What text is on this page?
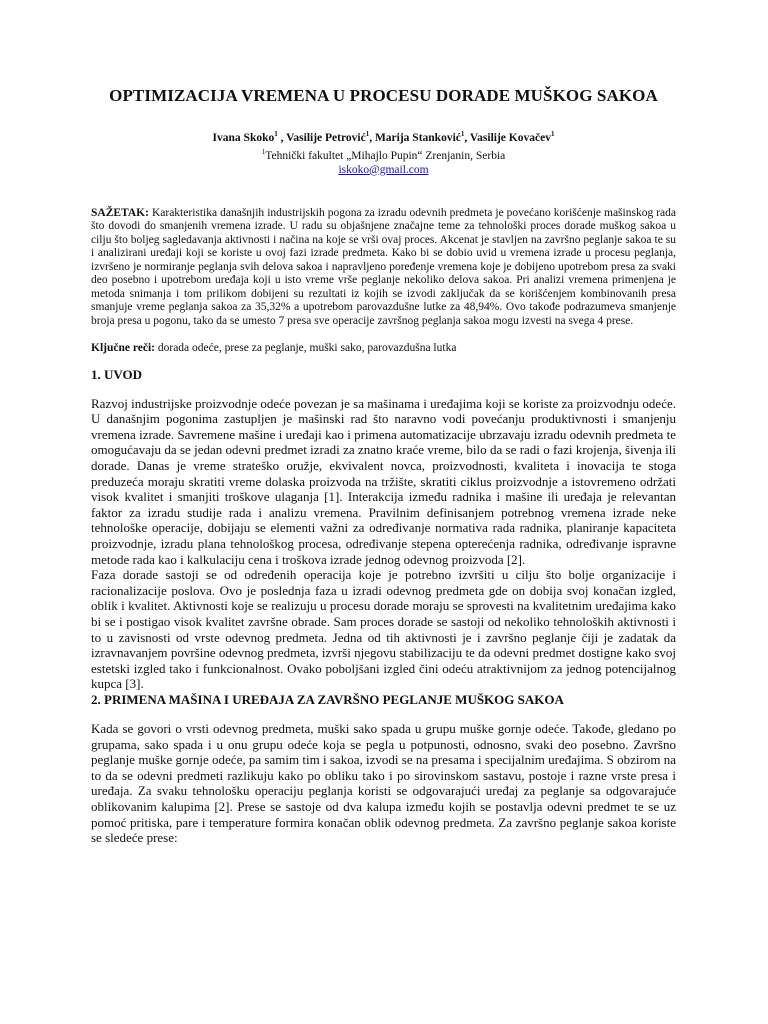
OPTIMIZACIJA VREMENA U PROCESU DORADE MUŠKOG SAKOA
Ivana Skoko$^1$ , Vasilije Petrović$^1$, Marija Stanković$^1$, Vasilije Kovačev$^1$
$^1$Tehnički fakultet „Mihajlo Pupin“ Zrenjanin, Serbia
iskoko@gmail.com

SAŽETAK: Karakteristika današnjih industrijskih pogona za izradu odevnih predmeta je povećano korišćenje mašinskog rada što dovodi do smanjenih vremena izrade. U radu su objašnjene značajne teme za tehnološki proces dorade muškog sakoa u cilju što boljeg sagledavanja aktivnosti i načina na koje se vrši ovaj proces. Akcenat je stavljen na završno peglanje sakoa te su i analizirani uređaji koji se koriste u ovoj fazi izrade predmeta. Kako bi se dobio uvid u vremena izrade u procesu peglanja, izvršeno je normiranje peglanja svih delova sakoa i napravljeno poređenje vremena koje je dobijeno upotrebom presa za svaki deo posebno i upotrebom uređaja koji u isto vreme vrše peglanje nekoliko delova sakoa. Pri analizi vremena primenjena je metoda snimanja i tom prilikom dobijeni su rezultati iz kojih se izvodi zaključak da se korišćenjem kombinovanih presa smanjuje vreme peglanja sakoa za 35,32% a upotrebom parovazdušne lutke za 48,94%. Ovo takođe podrazumeva smanjenje broja presa u pogonu, tako da se umesto 7 presa sve operacije završnog peglanja sakoa mogu izvesti na svega 4 prese.

Ključne reči: dorada odeće, prese za peglanje, muški sako, parovazdušna lutka

1. UVOD

Razvoj industrijske proizvodnje odeće povezan je sa mašinama i uređajima koji se koriste za proizvodnju odeće. U današnjim pogonima zastupljen je mašinski rad što naravno vodi povećanju produktivnosti i smanjenju vremena izrade. Savremene mašine i uređaji kao i primena automatizacije ubrzavaju izradu odevnih predmeta te omogućavaju da se jedan odevni predmet izradi za znatno kraće vreme, bilo da se radi o fazi krojenja, šivenja ili dorade. Danas je vreme strateško oružje, ekvivalent novca, proizvodnosti, kvaliteta i inovacija te stoga preduzeća moraju skratiti vreme dolaska proizvoda na tržište, skratiti ciklus proizvodnje a istovremeno održati visok kvalitet i smanjiti troškove ulaganja [1]. Interakcija između radnika i mašine ili uređaja je relevantan faktor za izradu studije rada i analizu vremena. Pravilnim definisanjem potrebnog vremena izrade neke tehnološke operacije, dobijaju se elementi važni za određivanje normativa rada radnika, planiranje kapaciteta proizvodnje, izradu plana tehnološkog procesa, određivanje stepena opterećenja radnika, određivanje ispravne metode rada kao i kalkulaciju cena i troškova izrade jednog odevnog proizvoda [2].

Faza dorade sastoji se od određenih operacija koje je potrebno izvršiti u cilju što bolje organizacije i racionalizacije poslova. Ovo je poslednja faza u izradi odevnog predmeta gde on dobija svoj konačan izgled, oblik i kvalitet. Aktivnosti koje se realizuju u procesu dorade moraju se sprovesti na kvalitetnim uređajima kako bi se i postigao visok kvalitet završne obrade. Sam proces dorade se sastoji od nekoliko tehnoloških aktivnosti i to u zavisnosti od vrste odevnog predmeta. Jedna od tih aktivnosti je i završno peglanje čiji je zadatak da izravnavanjem površine odevnog predmeta, izvrši njegovu stabilizaciju te da odevni predmet dostigne kako svoj estetski izgled tako i funkcionalnost. Ovako poboljšani izgled čini odeću atraktivnijom za jednog potencijalnog kupca [3].

2. PRIMENA MAŠINA I UREĐAJA ZA ZAVRŠNO PEGLANJE MUŠKOG SAKOA

Kada se govori o vrsti odevnog predmeta, muški sako spada u grupu muške gornje odeće. Takođe, gledano po grupama, sako spada i u onu grupu odeće koja se pegla u potpunosti, odnosno, svaki deo posebno. Završno peglanje muške gornje odeće, pa samim tim i sakoa, izvodi se na presama i specijalnim uređajima. S obzirom na to da se odevni predmeti razlikuju kako po obliku tako i po sirovinskom sastavu, postoje i razne vrste presa i uređaja. Za svaku tehnološku operaciju peglanja koristi se odgovarajući uređaj za peglanje sa odgovarajuće oblikovanim kalupima [2]. Prese se sastoje od dva kalupa između kojih se postavlja odevni predmet te se uz pomoć pritiska, pare i temperature formira konačan oblik odevnog predmeta. Za završno peglanje sakoa koriste se sledeće prese:
